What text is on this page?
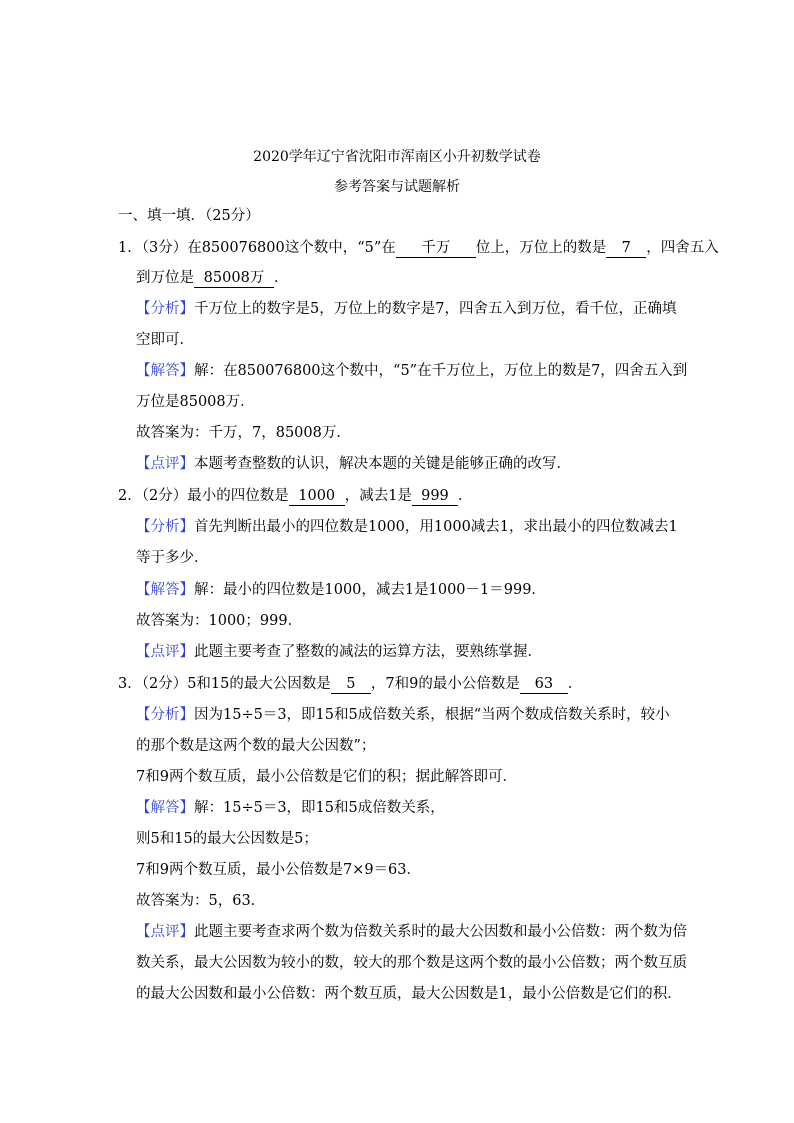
2020学年辽宁省沈阳市浑南区小升初数学试卷
参考答案与试题解析
一、填一填．（25分）
1．（3分）在850076800这个数中，“5”在 千万 位上，万位上的数是 7 ，四舍五入
到万位是 85008万 ．
【分析】千万位上的数字是5，万位上的数字是7，四舍五入到万位，看千位，正确填
空即可．
【解答】解：在850076800这个数中，“5”在千万位上，万位上的数是7，四舍五入到
万位是85008万．
故答案为：千万，7，85008万．
【点评】本题考查整数的认识，解决本题的关键是能够正确的改写．
2．（2分）最小的四位数是 1000 ，减去1是 999 ．
【分析】首先判断出最小的四位数是1000，用1000减去1，求出最小的四位数减去1
等于多少．
【解答】解：最小的四位数是1000，减去1是1000－1＝999．
故答案为：1000；999．
【点评】此题主要考查了整数的减法的运算方法，要熟练掌握．
3．（2分）5和15的最大公因数是 5 ，7和9的最小公倍数是 63 ．
【分析】因为15÷5＝3，即15和5成倍数关系，根据“当两个数成倍数关系时，较小
的那个数是这两个数的最大公因数”；
7和9两个数互质，最小公倍数是它们的积；据此解答即可．
【解答】解：15÷5＝3，即15和5成倍数关系，
则5和15的最大公因数是5；
7和9两个数互质，最小公倍数是7×9＝63．
故答案为：5，63．
【点评】此题主要考查求两个数为倍数关系时的最大公因数和最小公倍数：两个数为倍
数关系，最大公因数为较小的数，较大的那个数是这两个数的最小公倍数；两个数互质
的最大公因数和最小公倍数：两个数互质，最大公因数是1，最小公倍数是它们的积．
